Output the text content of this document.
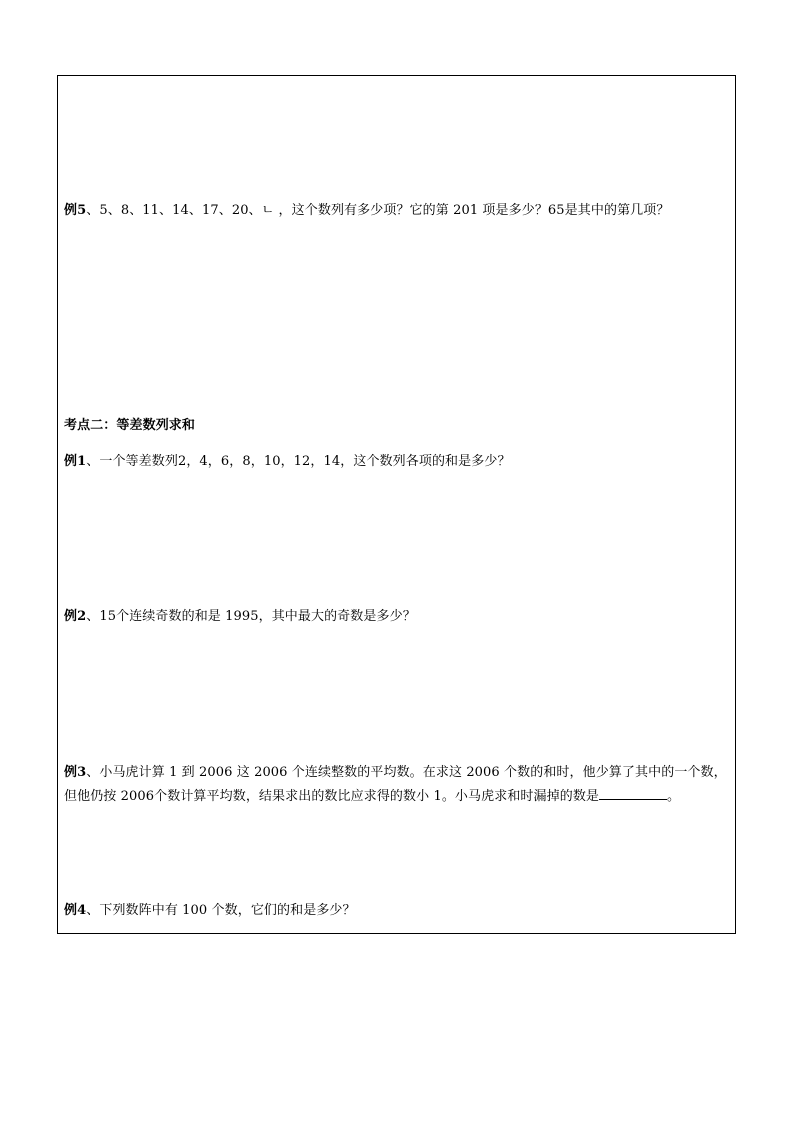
例5、5、8、11、14、17、20、ㄴ ，这个数列有多少项？它的第 201 项是多少？65是其中的第几项？
考点二：等差数列求和
例1、一个等差数列2，4，6，8，10，12，14，这个数列各项的和是多少？
例2、15个连续奇数的和是 1995，其中最大的奇数是多少？
例3、小马虎计算 1 到 2006 这 2006 个连续整数的平均数。在求这 2006 个数的和时，他少算了其中的一个数，
但他仍按 2006个数计算平均数，结果求出的数比应求得的数小 1。小马虎求和时漏掉的数是	。
例4、下列数阵中有 100 个数，它们的和是多少？
